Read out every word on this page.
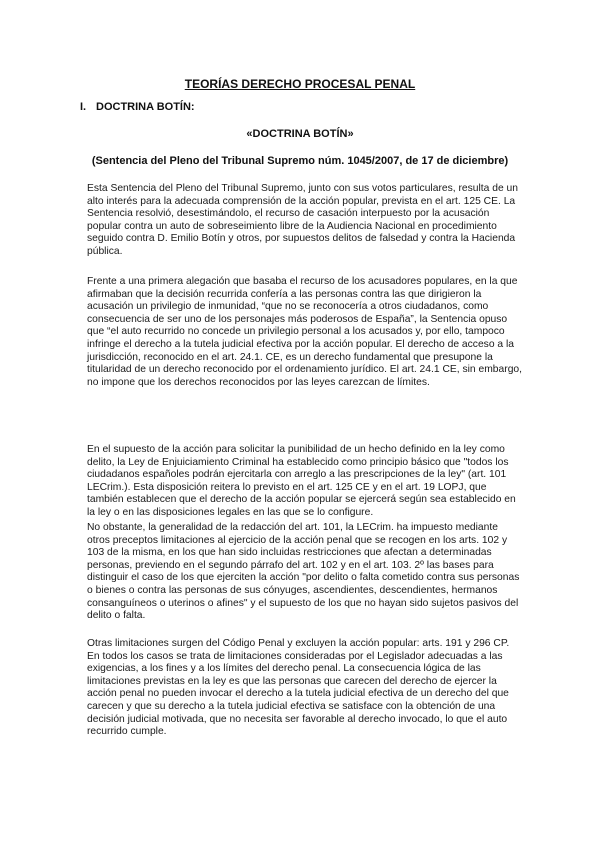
TEORÍAS DERECHO PROCESAL PENAL
I. DOCTRINA BOTÍN:

«DOCTRINA BOTÍN»

(Sentencia del Pleno del Tribunal Supremo núm. 1045/2007, de 17 de diciembre)

Esta Sentencia del Pleno del Tribunal Supremo, junto con sus votos particulares, resulta de un alto interés para la adecuada comprensión de la acción popular, prevista en el art. 125 CE. La Sentencia resolvió, desestimándolo, el recurso de casación interpuesto por la acusación popular contra un auto de sobreseimiento libre de la Audiencia Nacional en procedimiento seguido contra D. Emilio Botín y otros, por supuestos delitos de falsedad y contra la Hacienda pública.

Frente a una primera alegación que basaba el recurso de los acusadores populares, en la que afirmaban que la decisión recurrida confería a las personas contra las que dirigieron la acusación un privilegio de inmunidad, “que no se reconocería a otros ciudadanos, como consecuencia de ser uno de los personajes más poderosos de España”, la Sentencia opuso que “el auto recurrido no concede un privilegio personal a los acusados y, por ello, tampoco infringe el derecho a la tutela judicial efectiva por la acción popular. El derecho de acceso a la jurisdicción, reconocido en el art. 24.1. CE, es un derecho fundamental que presupone la titularidad de un derecho reconocido por el ordenamiento jurídico. El art. 24.1 CE, sin embargo, no impone que los derechos reconocidos por las leyes carezcan de límites.

En el supuesto de la acción para solicitar la punibilidad de un hecho definido en la ley como delito, la Ley de Enjuiciamiento Criminal ha establecido como principio básico que "todos los ciudadanos españoles podrán ejercitarla con arreglo a las prescripciones de la ley" (art. 101 LECrim.). Esta disposición reitera lo previsto en el art. 125 CE y en el art. 19 LOPJ, que también establecen que el derecho de la acción popular se ejercerá según sea establecido en la ley o en las disposiciones legales en las que se lo configure.

No obstante, la generalidad de la redacción del art. 101, la LECrim. ha impuesto mediante otros preceptos limitaciones al ejercicio de la acción penal que se recogen en los arts. 102 y 103 de la misma, en los que han sido incluidas restricciones que afectan a determinadas personas, previendo en el segundo párrafo del art. 102 y en el art. 103. 2º las bases para distinguir el caso de los que ejerciten la acción "por delito o falta cometido contra sus personas o bienes o contra las personas de sus cónyuges, ascendientes, descendientes, hermanos consanguíneos o uterinos o afines" y el supuesto de los que no hayan sido sujetos pasivos del delito o falta.

Otras limitaciones surgen del Código Penal y excluyen la acción popular: arts. 191 y 296 CP. En todos los casos se trata de limitaciones consideradas por el Legislador adecuadas a las exigencias, a los fines y a los límites del derecho penal. La consecuencia lógica de las limitaciones previstas en la ley es que las personas que carecen del derecho de ejercer la acción penal no pueden invocar el derecho a la tutela judicial efectiva de un derecho del que carecen y que su derecho a la tutela judicial efectiva se satisface con la obtención de una decisión judicial motivada, que no necesita ser favorable al derecho invocado, lo que el auto recurrido cumple.
